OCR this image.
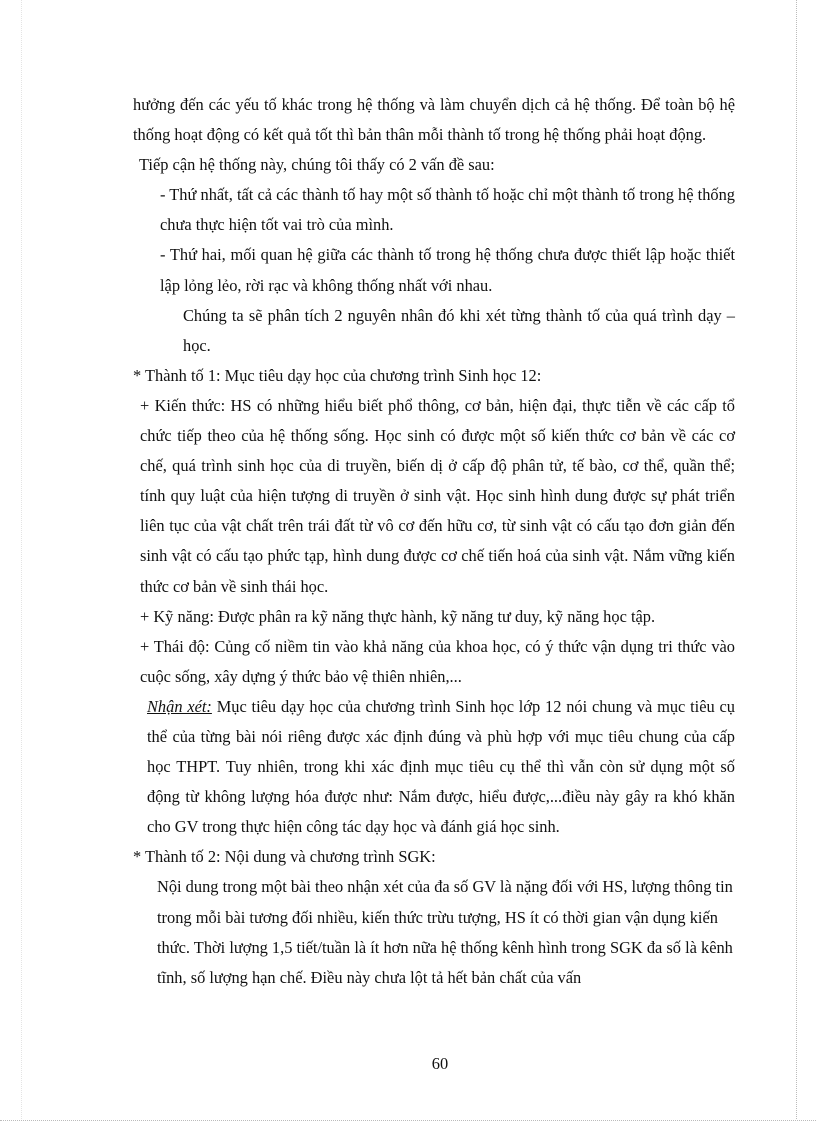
hưởng đến các yếu tố khác trong hệ thống và làm chuyển dịch cả hệ thống. Để toàn bộ hệ thống hoạt động có kết quả tốt thì bản thân mỗi thành tố trong hệ thống phải hoạt động.

Tiếp cận hệ thống này, chúng tôi thấy có 2 vấn đề sau:

- Thứ nhất, tất cả các thành tố hay một số thành tố hoặc chỉ một thành tố trong hệ thống chưa thực hiện tốt vai trò của mình.

- Thứ hai, mối quan hệ giữa các thành tố trong hệ thống chưa được thiết lập hoặc thiết lập lỏng lẻo, rời rạc và không thống nhất với nhau.

Chúng ta sẽ phân tích 2 nguyên nhân đó khi xét từng thành tố của quá trình dạy – học.

* Thành tố 1: Mục tiêu dạy học của chương trình Sinh học 12:

+ Kiến thức: HS có những hiểu biết phổ thông, cơ bản, hiện đại, thực tiễn về các cấp tổ chức tiếp theo của hệ thống sống. Học sinh có được một số kiến thức cơ bản về các cơ chế, quá trình sinh học của di truyền, biến dị ở cấp độ phân tử, tế bào, cơ thể, quần thể; tính quy luật của hiện tượng di truyền ở sinh vật. Học sinh hình dung được sự phát triển liên tục của vật chất trên trái đất từ vô cơ đến hữu cơ, từ sinh vật có cấu tạo đơn giản đến sinh vật có cấu tạo phức tạp, hình dung được cơ chế tiến hoá của sinh vật. Nắm vững kiến thức cơ bản về sinh thái học.

+ Kỹ năng: Được phân ra kỹ năng thực hành, kỹ năng tư duy, kỹ năng học tập.

+ Thái độ: Củng cố niềm tin vào khả năng của khoa học, có ý thức vận dụng tri thức vào cuộc sống, xây dựng ý thức bảo vệ thiên nhiên,...

Nhận xét: Mục tiêu dạy học của chương trình Sinh học lớp 12 nói chung và mục tiêu cụ thể của từng bài nói riêng được xác định đúng và phù hợp với mục tiêu chung của cấp học THPT. Tuy nhiên, trong khi xác định mục tiêu cụ thể thì vẫn còn sử dụng một số động từ không lượng hóa được như: Nắm được, hiểu được,...điều này gây ra khó khăn cho GV trong thực hiện công tác dạy học và đánh giá học sinh.

* Thành tố 2: Nội dung và chương trình SGK:

Nội dung trong một bài theo nhận xét của đa số GV là nặng đối với HS, lượng thông tin trong mỗi bài tương đối nhiều, kiến thức trừu tượng, HS ít có thời gian vận dụng kiến thức. Thời lượng 1,5 tiết/tuần là ít hơn nữa hệ thống kênh hình trong SGK đa số là kênh tĩnh, số lượng hạn chế. Điều này chưa lột tả hết bản chất của vấn

60
